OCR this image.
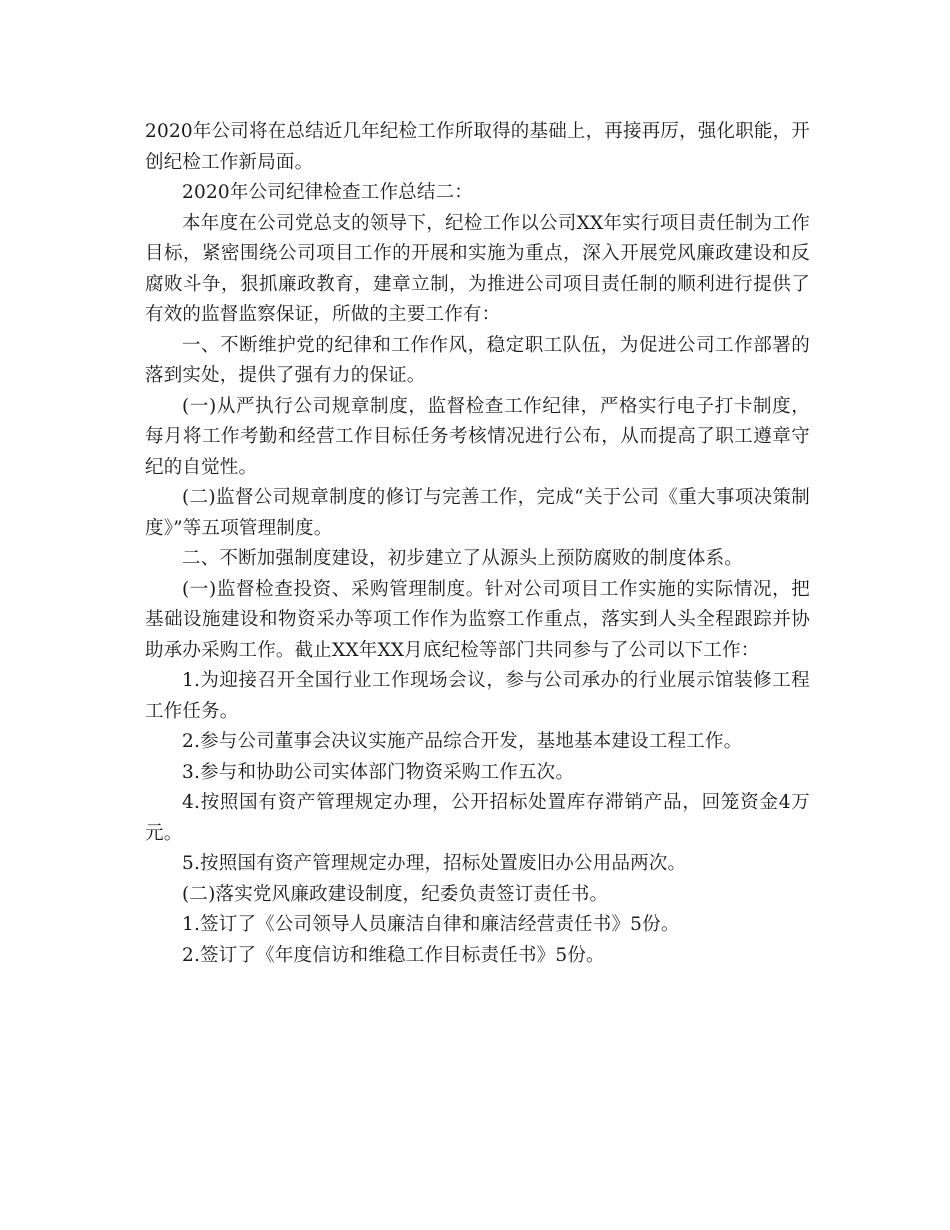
2020年公司将在总结近几年纪检工作所取得的基础上，再接再厉，强化职能，开创纪检工作新局面。

2020年公司纪律检查工作总结二：

本年度在公司党总支的领导下，纪检工作以公司XX年实行项目责任制为工作目标，紧密围绕公司项目工作的开展和实施为重点，深入开展党风廉政建设和反腐败斗争，狠抓廉政教育，建章立制，为推进公司项目责任制的顺利进行提供了有效的监督监察保证，所做的主要工作有：

一、不断维护党的纪律和工作作风，稳定职工队伍，为促进公司工作部署的落到实处，提供了强有力的保证。

(一)从严执行公司规章制度，监督检查工作纪律，严格实行电子打卡制度，每月将工作考勤和经营工作目标任务考核情况进行公布，从而提高了职工遵章守纪的自觉性。

(二)监督公司规章制度的修订与完善工作，完成“关于公司《重大事项决策制度》”等五项管理制度。

二、不断加强制度建设，初步建立了从源头上预防腐败的制度体系。

(一)监督检查投资、采购管理制度。针对公司项目工作实施的实际情况，把基础设施建设和物资采办等项工作作为监察工作重点，落实到人头全程跟踪并协助承办采购工作。截止XX年XX月底纪检等部门共同参与了公司以下工作：

1.为迎接召开全国行业工作现场会议，参与公司承办的行业展示馆装修工程工作任务。

2.参与公司董事会决议实施产品综合开发，基地基本建设工程工作。

3.参与和协助公司实体部门物资采购工作五次。

4.按照国有资产管理规定办理，公开招标处置库存滞销产品，回笼资金4万元。

5.按照国有资产管理规定办理，招标处置废旧办公用品两次。

(二)落实党风廉政建设制度，纪委负责签订责任书。

1.签订了《公司领导人员廉洁自律和廉洁经营责任书》5份。

2.签订了《年度信访和维稳工作目标责任书》5份。
